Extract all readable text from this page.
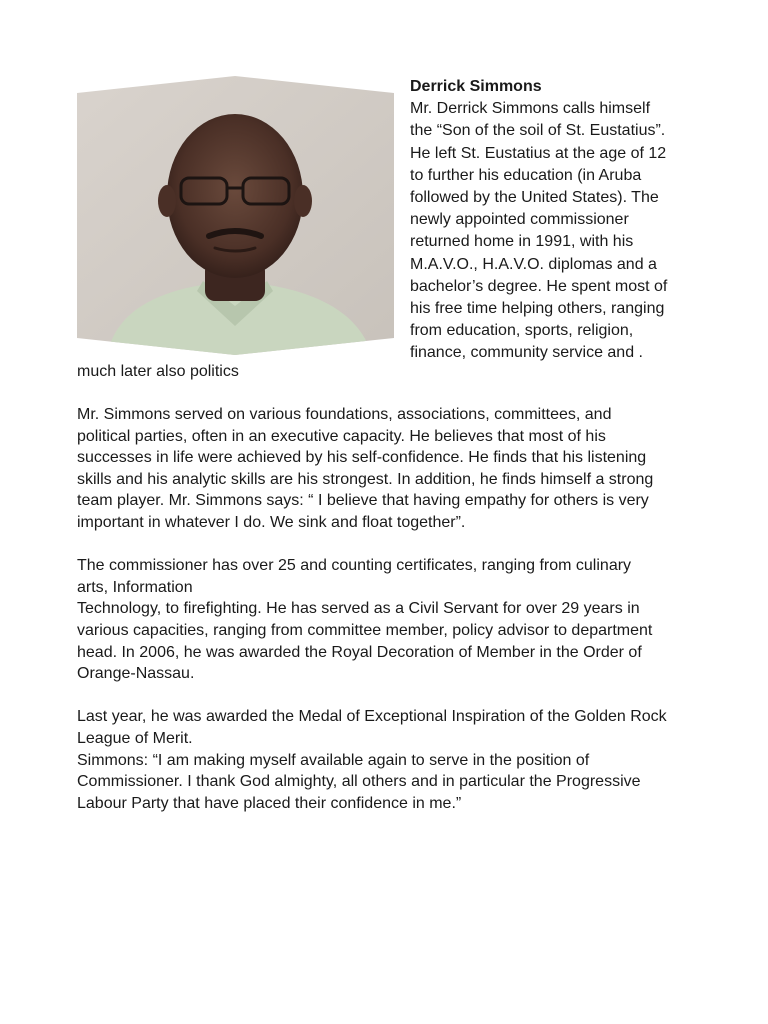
Derrick Simmons
Mr. Derrick Simmons calls himself
the “Son of the soil of St. Eustatius”.
He left St. Eustatius at the age of 12
to further his education (in Aruba
followed by the United States). The
newly appointed commissioner
returned home in 1991, with his
M.A.V.O., H.A.V.O. diplomas and a
bachelor’s degree. He spent most of
his free time helping others, ranging
from education, sports, religion,
finance, community service and .
much later also politics
Mr. Simmons served on various foundations, associations, committees, and
political parties, often in an executive capacity. He believes that most of his
successes in life were achieved by his self-confidence. He finds that his listening
skills and his analytic skills are his strongest. In addition, he finds himself a strong
team player. Mr. Simmons says: “ I believe that having empathy for others is very
important in whatever I do. We sink and float together”.
The commissioner has over 25 and counting certificates, ranging from culinary
arts, Information
Technology, to firefighting. He has served as a Civil Servant for over 29 years in
various capacities, ranging from committee member, policy advisor to department
head. In 2006, he was awarded the Royal Decoration of Member in the Order of
Orange-Nassau.
Last year, he was awarded the Medal of Exceptional Inspiration of the Golden Rock
League of Merit.
Simmons: “I am making myself available again to serve in the position of
Commissioner. I thank God almighty, all others and in particular the Progressive
Labour Party that have placed their confidence in me.”
